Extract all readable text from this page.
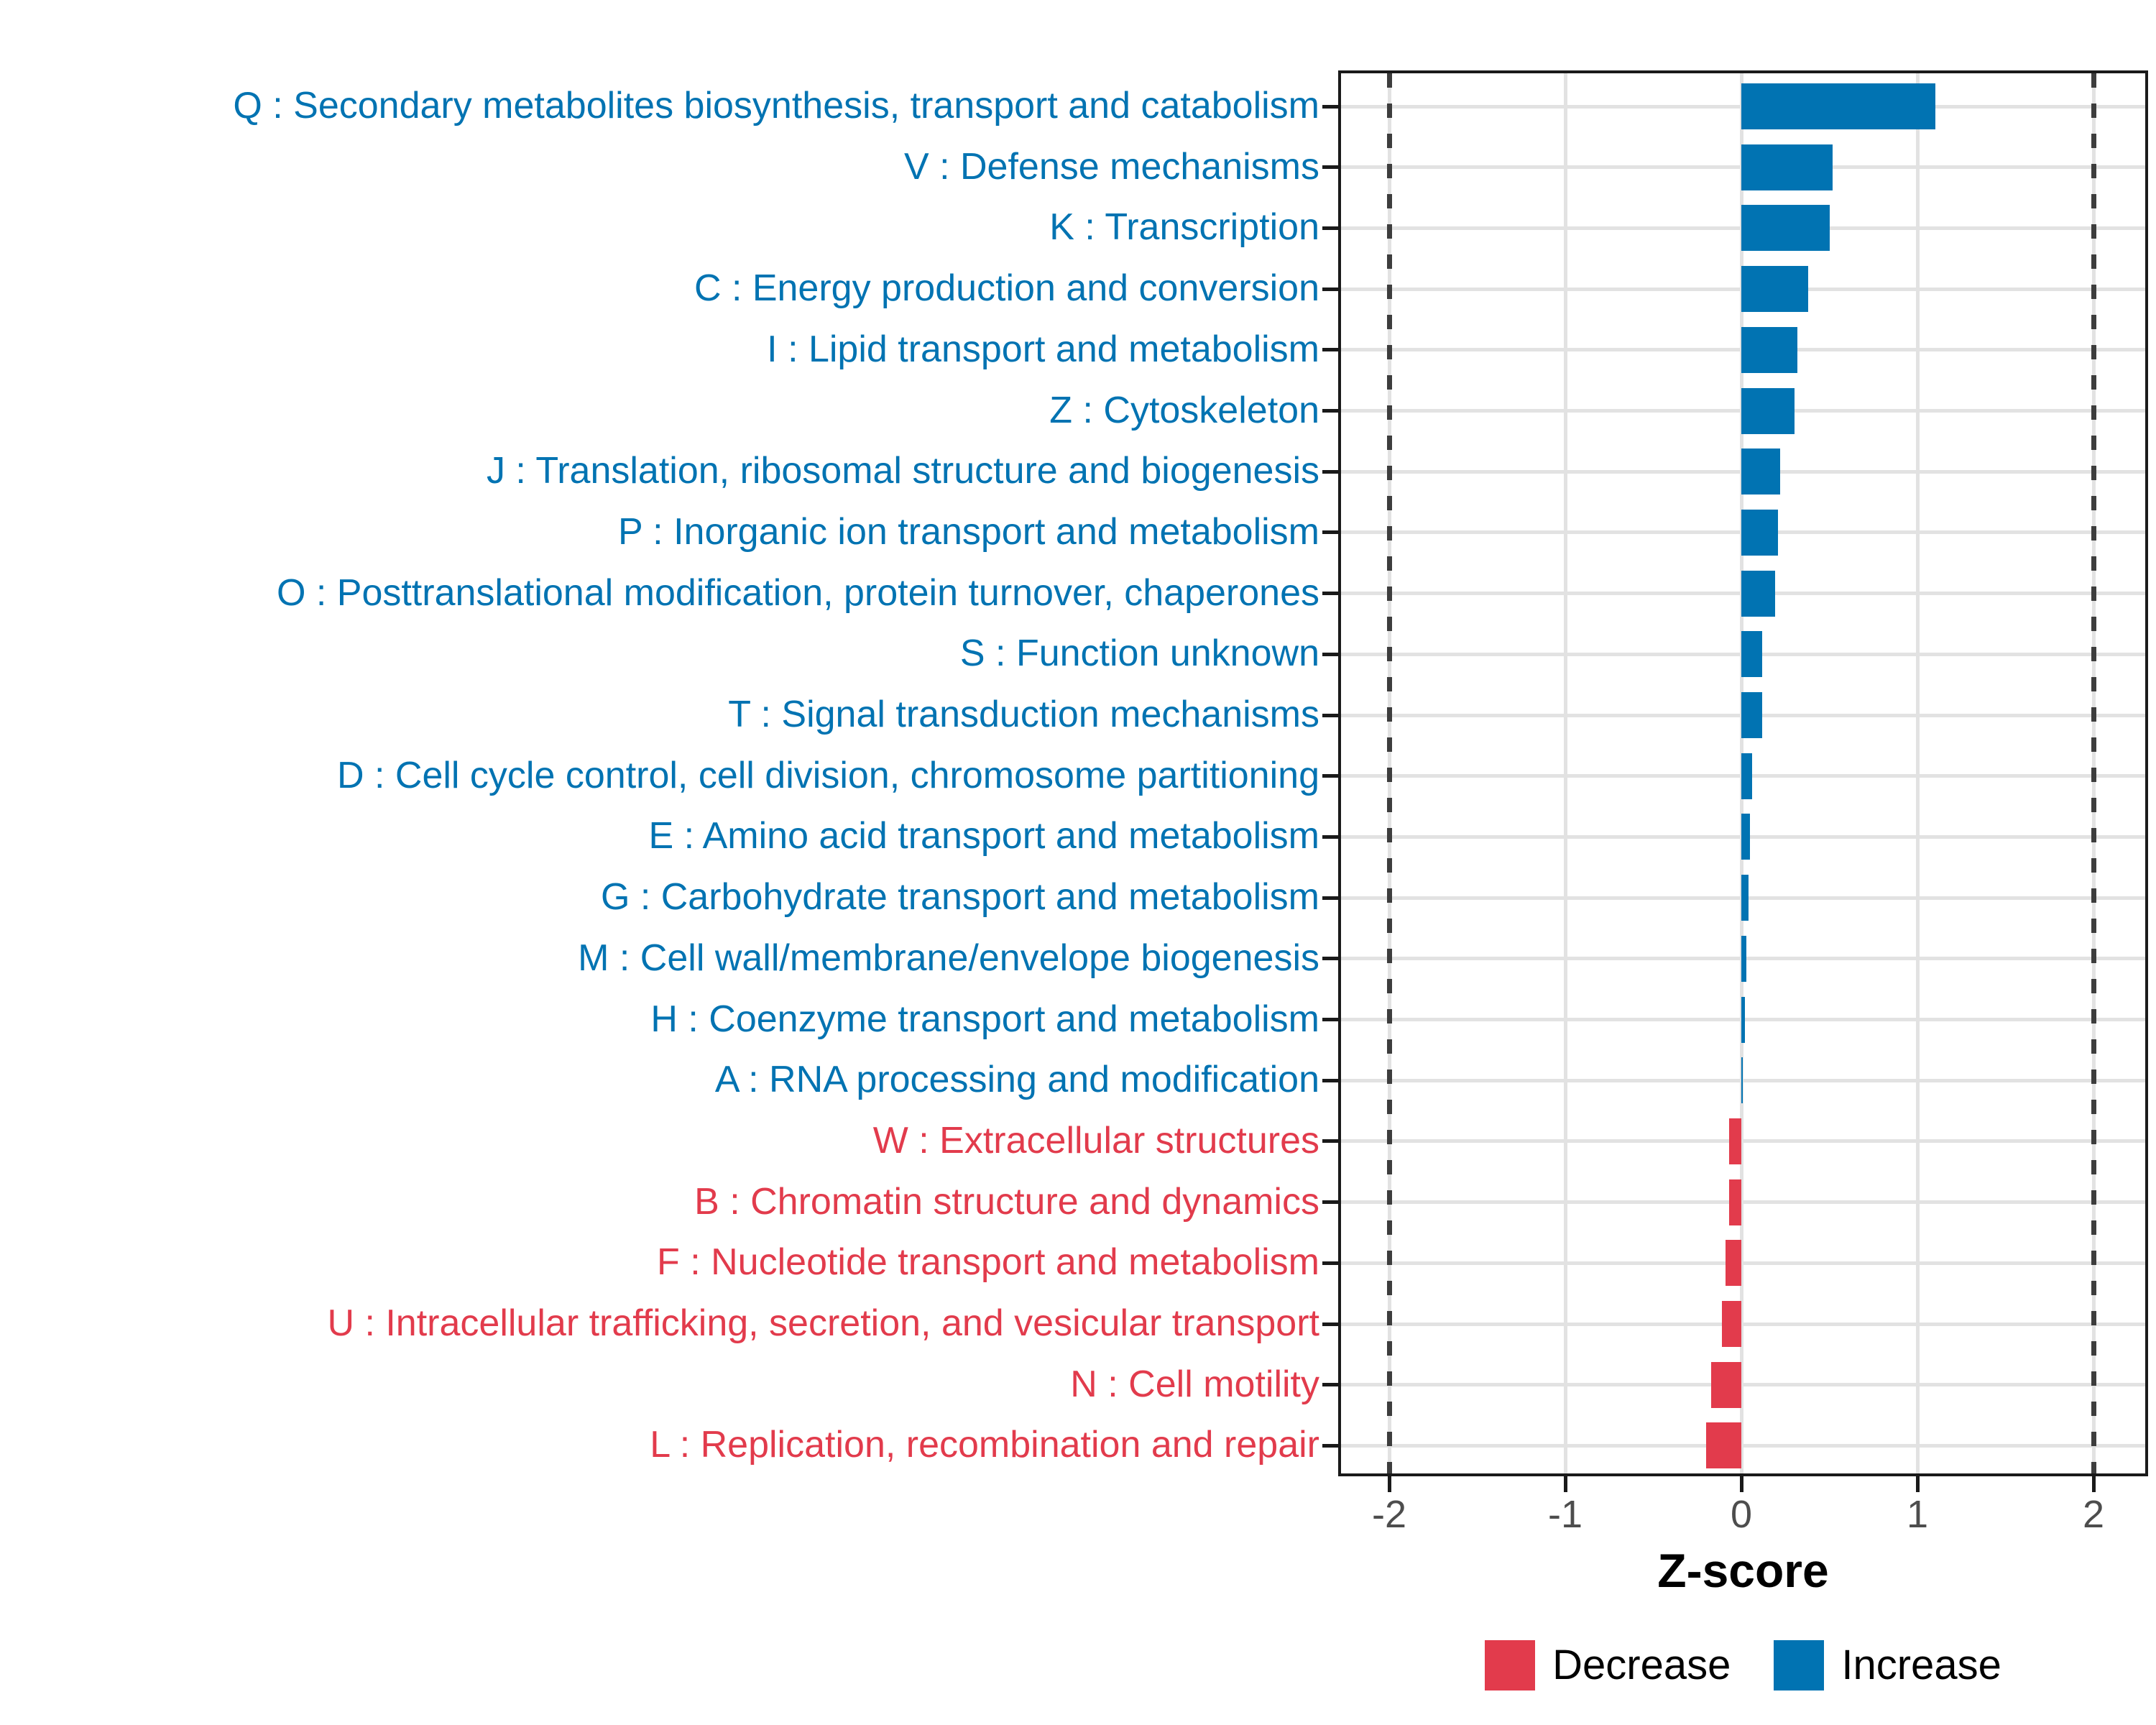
Q : Secondary metabolites biosynthesis, transport and catabolism
V : Defense mechanisms
K : Transcription
C : Energy production and conversion
I : Lipid transport and metabolism
Z : Cytoskeleton
J : Translation, ribosomal structure and biogenesis
P : Inorganic ion transport and metabolism
O : Posttranslational modification, protein turnover, chaperones
S : Function unknown
T : Signal transduction mechanisms
D : Cell cycle control, cell division, chromosome partitioning
E : Amino acid transport and metabolism
G : Carbohydrate transport and metabolism
M : Cell wall/membrane/envelope biogenesis
H : Coenzyme transport and metabolism
A : RNA processing and modification
W : Extracellular structures
B : Chromatin structure and dynamics
F : Nucleotide transport and metabolism
U : Intracellular trafficking, secretion, and vesicular transport
N : Cell motility
L : Replication, recombination and repair
-2	-1	0	1	2
Z-score
Decrease	Increase
